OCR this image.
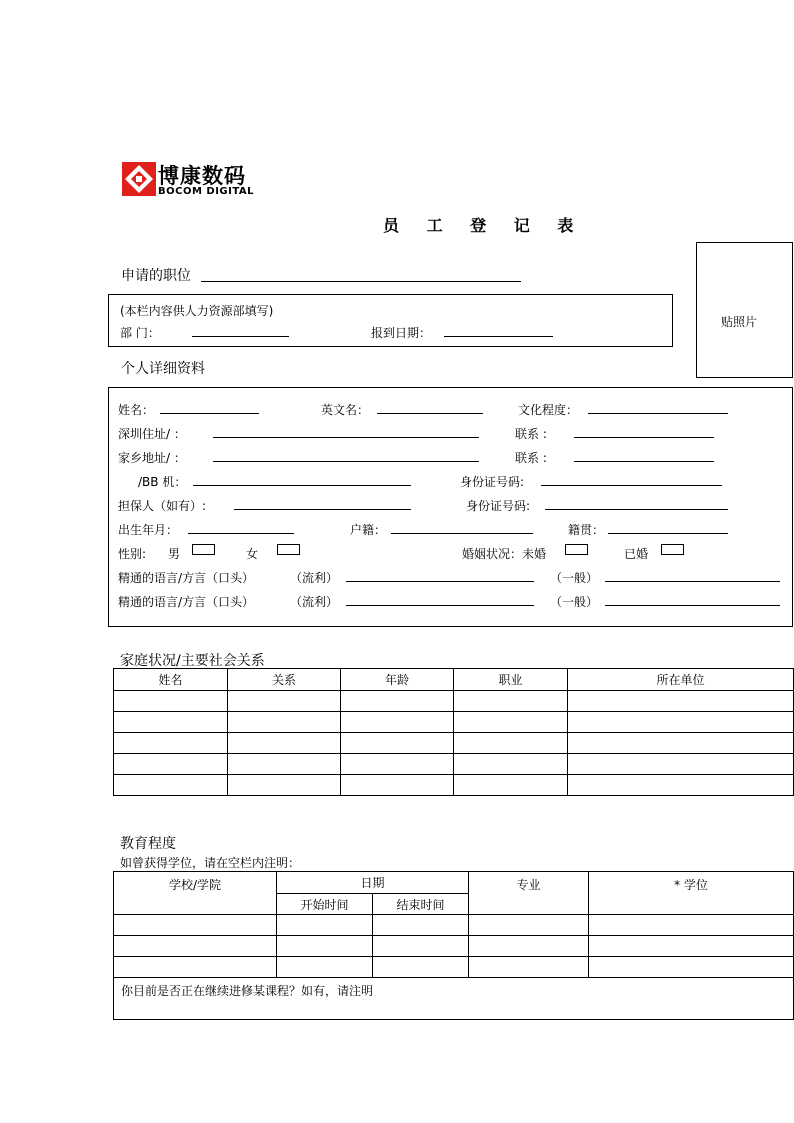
博康数码
BOCOM DIGITAL
员 工 登 记 表
贴照片
申请的职位
(本栏内容供人力资源部填写)
部 门：	报到日期：
个人详细资料
姓名：	英文名：	文化程度：
深圳住址/ ：	联系 :
家乡地址/ ：	联系 :
/BB 机：	身份证号码:
担保人（如有）:	身份证号码:
出生年月：	户籍：	籍贯：
性别: 男	女	婚姻状况：未婚	已婚
精通的语言/方言（口头）	（流利）	（一般）
精通的语言/方言（口头）	（流利）	（一般）
家庭状况/主要社会关系
姓名	关系	年龄	职业	所在单位

教育程度
如曾获得学位，请在空栏内注明：
学校/学院	日期		专业	* 学位
	开始时间	结束时间		

你目前是否正在继续进修某课程？如有，请注明				
